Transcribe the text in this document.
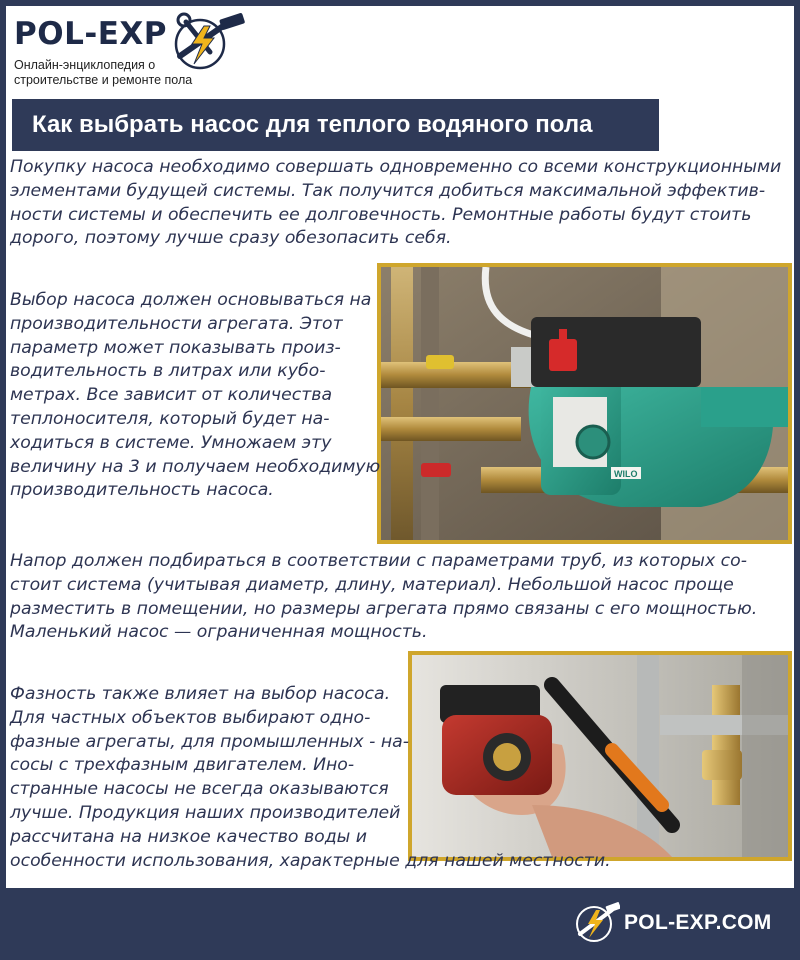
POL-EXP
Онлайн-энциклопедия о строительстве и ремонте пола
Как выбрать насос для теплого водяного пола

Покупку насоса необходимо совершать одновременно со всеми конструкционными элементами будущей системы. Так получится добиться максимальной эффективности системы и обеспечить ее долговечность. Ремонтные работы будут стоить дорого, поэтому лучше сразу обезопасить себя.

WILO

Выбор насоса должен основываться на производительности агрегата. Этот параметр может показывать производительность в литрах или кубометрах. Все зависит от количества теплоносителя, который будет находиться в системе. Умножаем эту величину на 3 и получаем необходимую производительность насоса.

Напор должен подбираться в соответствии с параметрами труб, из которых состоит система (учитывая диаметр, длину, материал). Небольшой насос проще разместить в помещении, но размеры агрегата прямо связаны с его мощностью. Маленький насос — ограниченная мощность.

Фазность также влияет на выбор насоса. Для частных объектов выбирают однофазные агрегаты, для промышленных - насосы с трехфазным двигателем. Иностранные насосы не всегда оказываются лучше. Продукция наших производителей рассчитана на низкое качество воды и
особенности использования, характерные для нашей местности.

POL-EXP.COM
